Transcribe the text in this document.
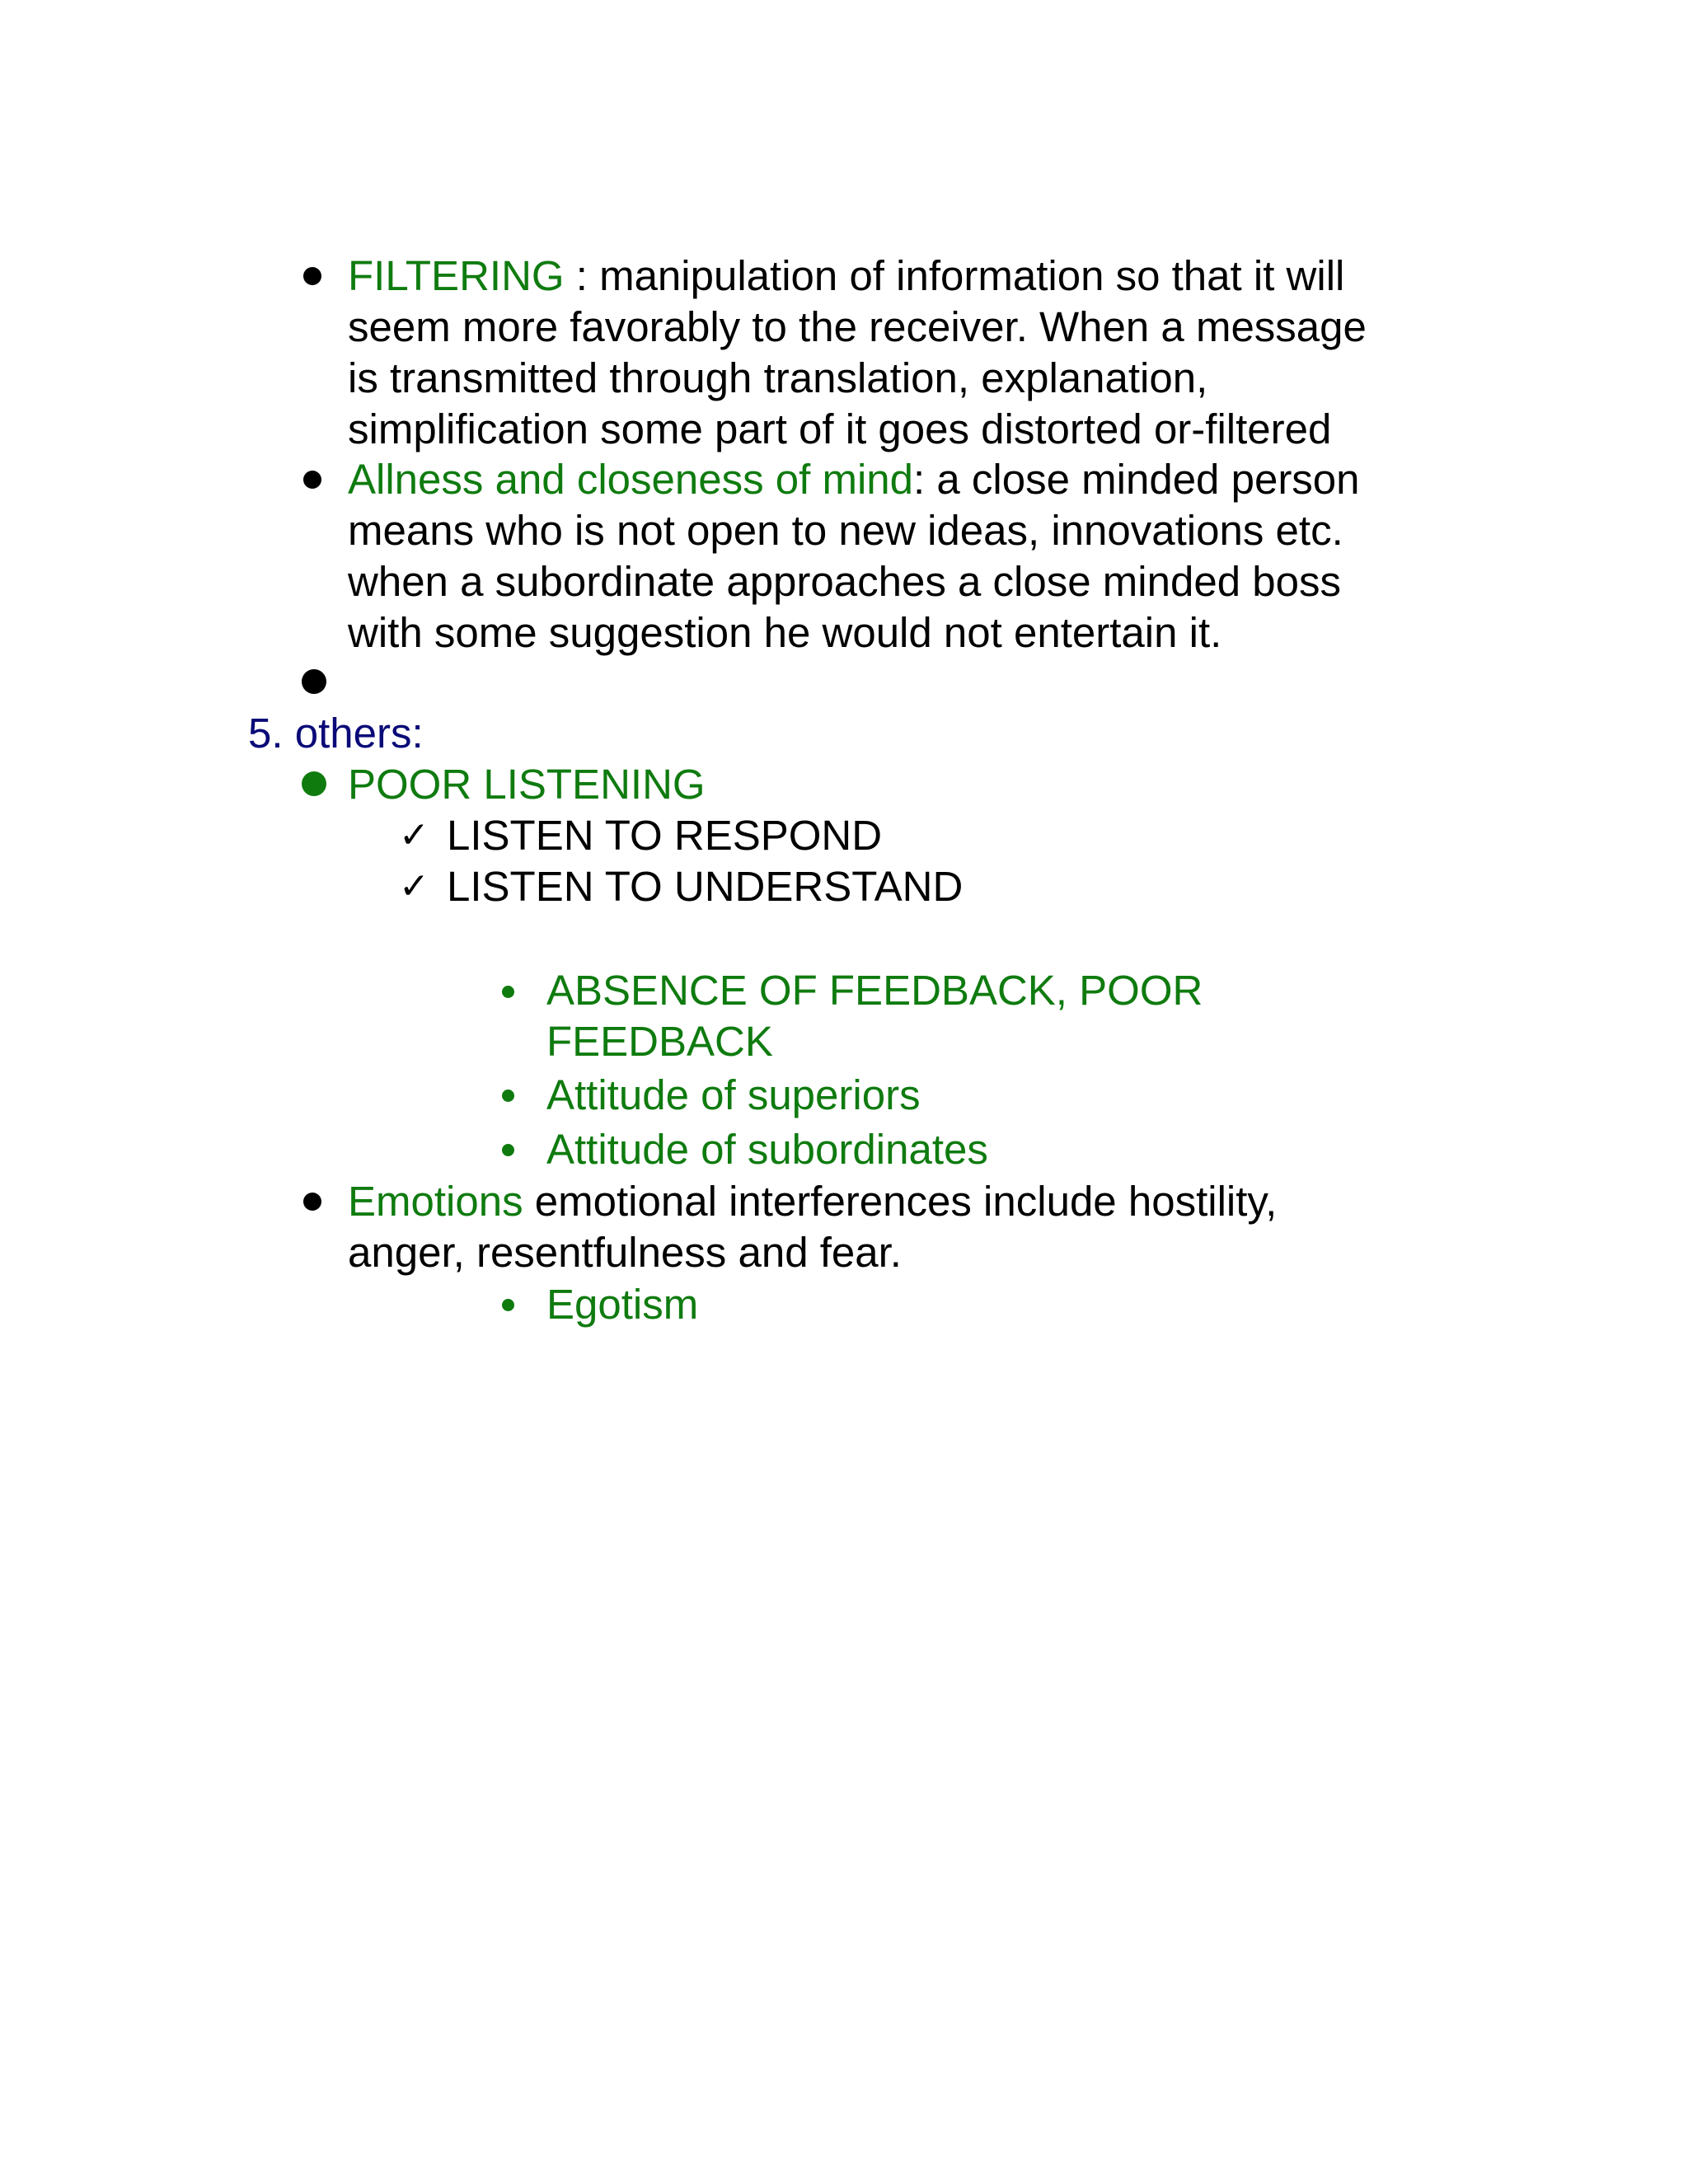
FILTERING : manipulation of information so that it will
seem more favorably to the receiver. When a message
is transmitted through translation, explanation,
simplification some part of it goes distorted or-filtered
Allness and closeness of mind: a close minded person
means who is not open to new ideas, innovations etc.
when a subordinate approaches a close minded boss
with some suggestion he would not entertain it.
5. others:
POOR LISTENING
✓ LISTEN TO RESPOND
✓ LISTEN TO UNDERSTAND
ABSENCE OF FEEDBACK, POOR
FEEDBACK
Attitude of superiors
Attitude of subordinates
Emotions emotional interferences include hostility,
anger, resentfulness and fear.
Egotism
